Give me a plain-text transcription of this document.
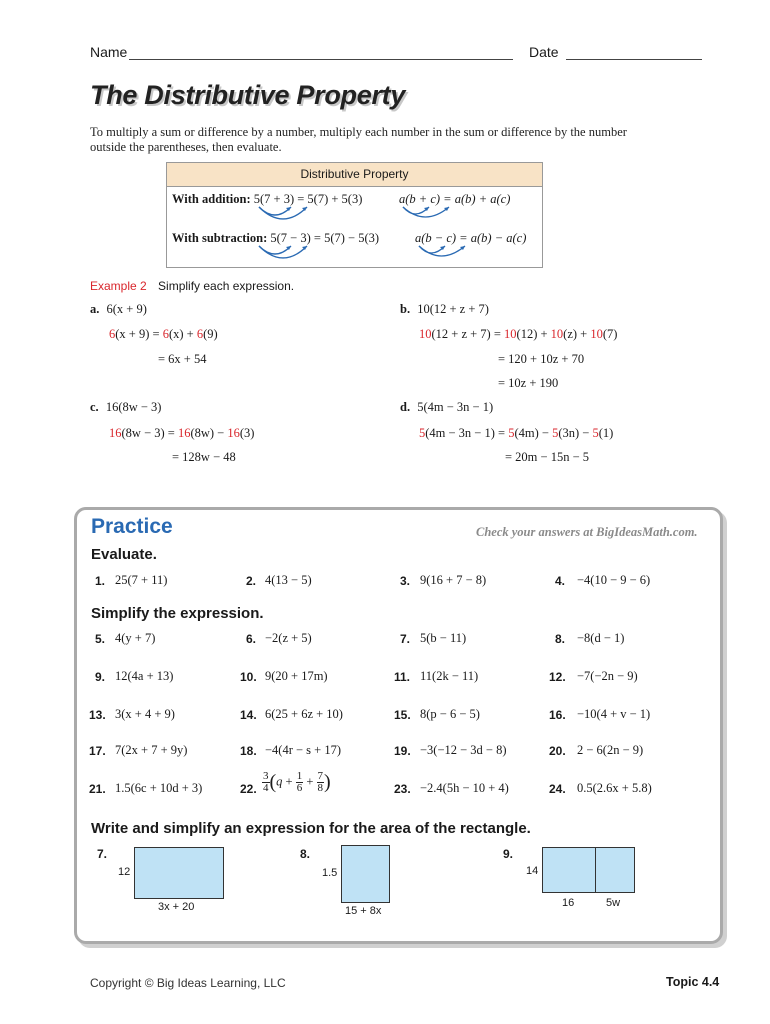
Name	Date
The Distributive Property
To multiply a sum or difference by a number, multiply each number in the sum or difference by the number
outside the parentheses, then evaluate.
Distributive Property
With addition: 5(7 + 3) = 5(7) + 5(3)	a(b + c) = a(b) + a(c)
With subtraction: 5(7 − 3) = 5(7) − 5(3)	a(b − c) = a(b) − a(c)
Example 2 Simplify each expression.
a. 6(x + 9)
6(x + 9) = 6(x) + 6(9)
= 6x + 54
b. 10(12 + z + 7)
10(12 + z + 7) = 10(12) + 10(z) + 10(7)
= 120 + 10z + 70
= 10z + 190
c. 16(8w − 3)
16(8w − 3) = 16(8w) − 16(3)
= 128w − 48
d. 5(4m − 3n − 1)
5(4m − 3n − 1) = 5(4m) − 5(3n) − 5(1)
= 20m − 15n − 5
Practice	Check your answers at BigIdeasMath.com.
Evaluate.
Simplify the expression.
1. 25(7 + 11)	2. 4(13 − 5)	3. 9(16 + 7 − 8)	4. −4(10 − 9 − 6)
5. 4(y + 7)	6. −2(z + 5)	7. 5(b − 11)	8. −8(d − 1)
9. 12(4a + 13)	10. 9(20 + 17m)	11. 11(2k − 11)	12. −7(−2n − 9)
13. 3(x + 4 + 9)	14. 6(25 + 6z + 10)	15. 8(p − 6 − 5)	16. −10(4 + v − 1)
17. 7(2x + 7 + 9y)	18. −4(4r − s + 17)	19. −3(−12 − 3d − 8)	20. 2 − 6(2n − 9)
21. 1.5(6c + 10d + 3)	22. $\frac{3}{4} (q + \frac{1}{6} + \frac{7}{8}$ )	23. −2.4(5h − 10 + 4)	24. 0.5(2.6x + 5.8)
Write and simplify an expression for the area of the rectangle.
7.
12
3x + 20
8.
1.5
15 + 8x
9.
14
16	5w
Copyright © Big Ideas Learning, LLC	Topic 4.4
